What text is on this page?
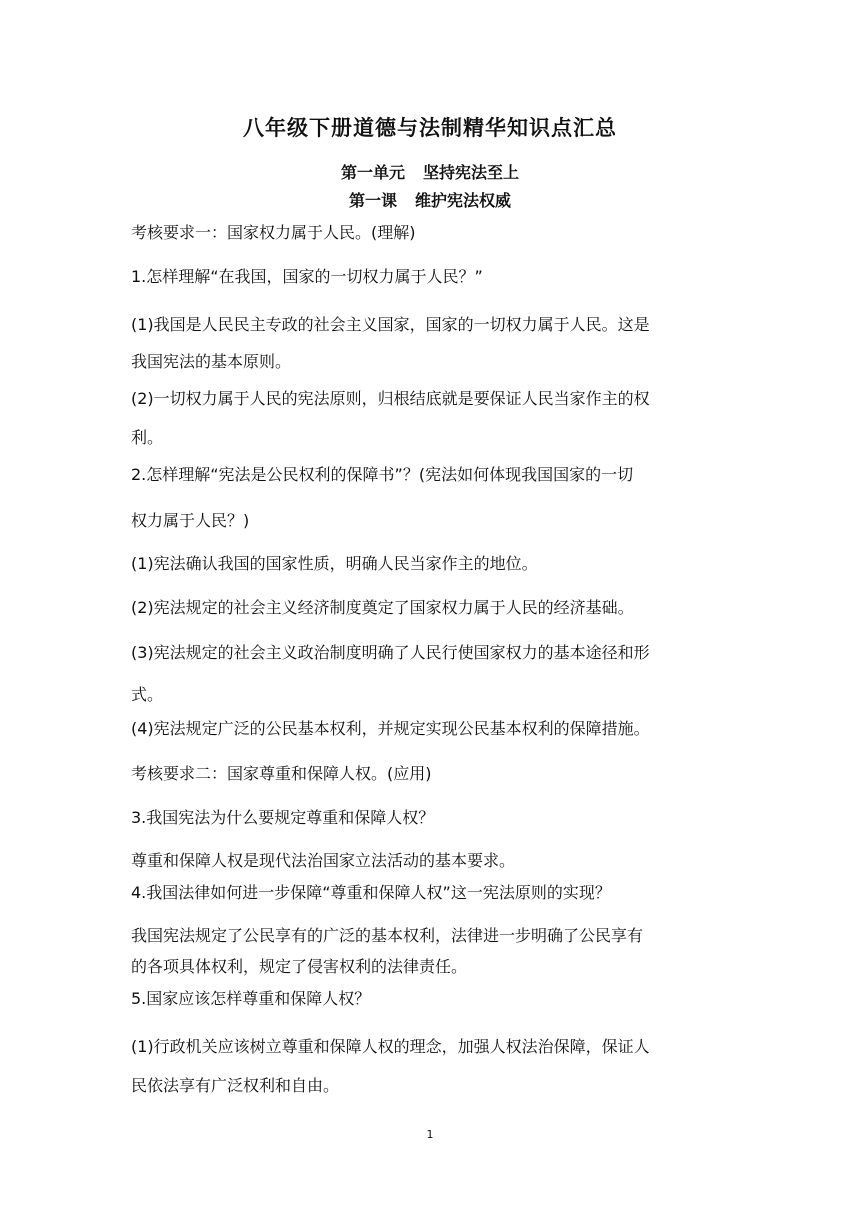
八年级下册道德与法制精华知识点汇总
第一单元 坚持宪法至上
第一课 维护宪法权威
考核要求一：国家权力属于人民。(理解)
1.怎样理解“在我国，国家的一切权力属于人民？”
(1)我国是人民民主专政的社会主义国家，国家的一切权力属于人民。这是
我国宪法的基本原则。
(2)一切权力属于人民的宪法原则，归根结底就是要保证人民当家作主的权
利。
2.怎样理解“宪法是公民权利的保障书”？(宪法如何体现我国国家的一切
权力属于人民？)
(1)宪法确认我国的国家性质，明确人民当家作主的地位。
(2)宪法规定的社会主义经济制度奠定了国家权力属于人民的经济基础。
(3)宪法规定的社会主义政治制度明确了人民行使国家权力的基本途径和形
式。
(4)宪法规定广泛的公民基本权利，并规定实现公民基本权利的保障措施。
考核要求二：国家尊重和保障人权。(应用)
3.我国宪法为什么要规定尊重和保障人权？
尊重和保障人权是现代法治国家立法活动的基本要求。
4.我国法律如何进一步保障“尊重和保障人权”这一宪法原则的实现？
我国宪法规定了公民享有的广泛的基本权利，法律进一步明确了公民享有
的各项具体权利，规定了侵害权利的法律责任。
5.国家应该怎样尊重和保障人权？
(1)行政机关应该树立尊重和保障人权的理念，加强人权法治保障，保证人
民依法享有广泛权利和自由。
1
